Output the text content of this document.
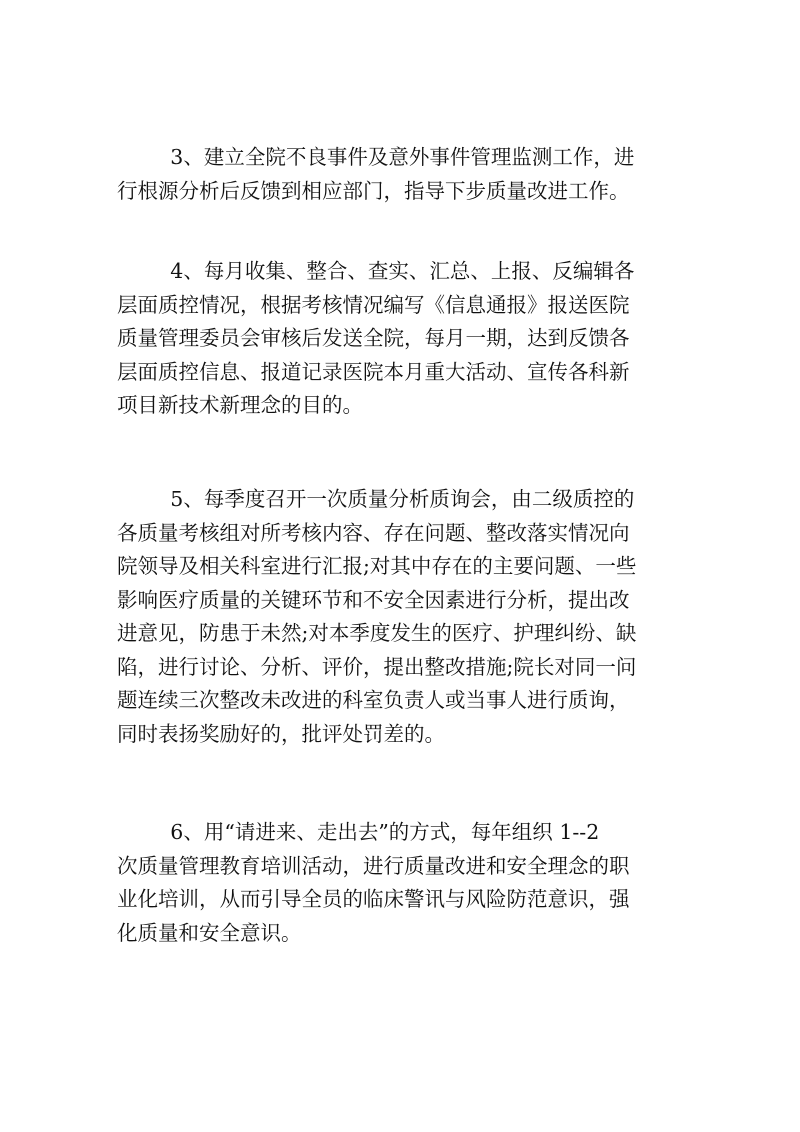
3、建立全院不良事件及意外事件管理监测工作，进
行根源分析后反馈到相应部门，指导下步质量改进工作。
4、每月收集、整合、查实、汇总、上报、反编辑各
层面质控情况，根据考核情况编写《信息通报》报送医院
质量管理委员会审核后发送全院，每月一期，达到反馈各
层面质控信息、报道记录医院本月重大活动、宣传各科新
项目新技术新理念的目的。
5、每季度召开一次质量分析质询会，由二级质控的
各质量考核组对所考核内容、存在问题、整改落实情况向
院领导及相关科室进行汇报;对其中存在的主要问题、一些
影响医疗质量的关键环节和不安全因素进行分析，提出改
进意见，防患于未然;对本季度发生的医疗、护理纠纷、缺
陷，进行讨论、分析、评价，提出整改措施;院长对同一问
题连续三次整改未改进的科室负责人或当事人进行质询，
同时表扬奖励好的，批评处罚差的。
6、用“请进来、走出去”的方式，每年组织 1--2
次质量管理教育培训活动，进行质量改进和安全理念的职
业化培训，从而引导全员的临床警讯与风险防范意识，强
化质量和安全意识。
